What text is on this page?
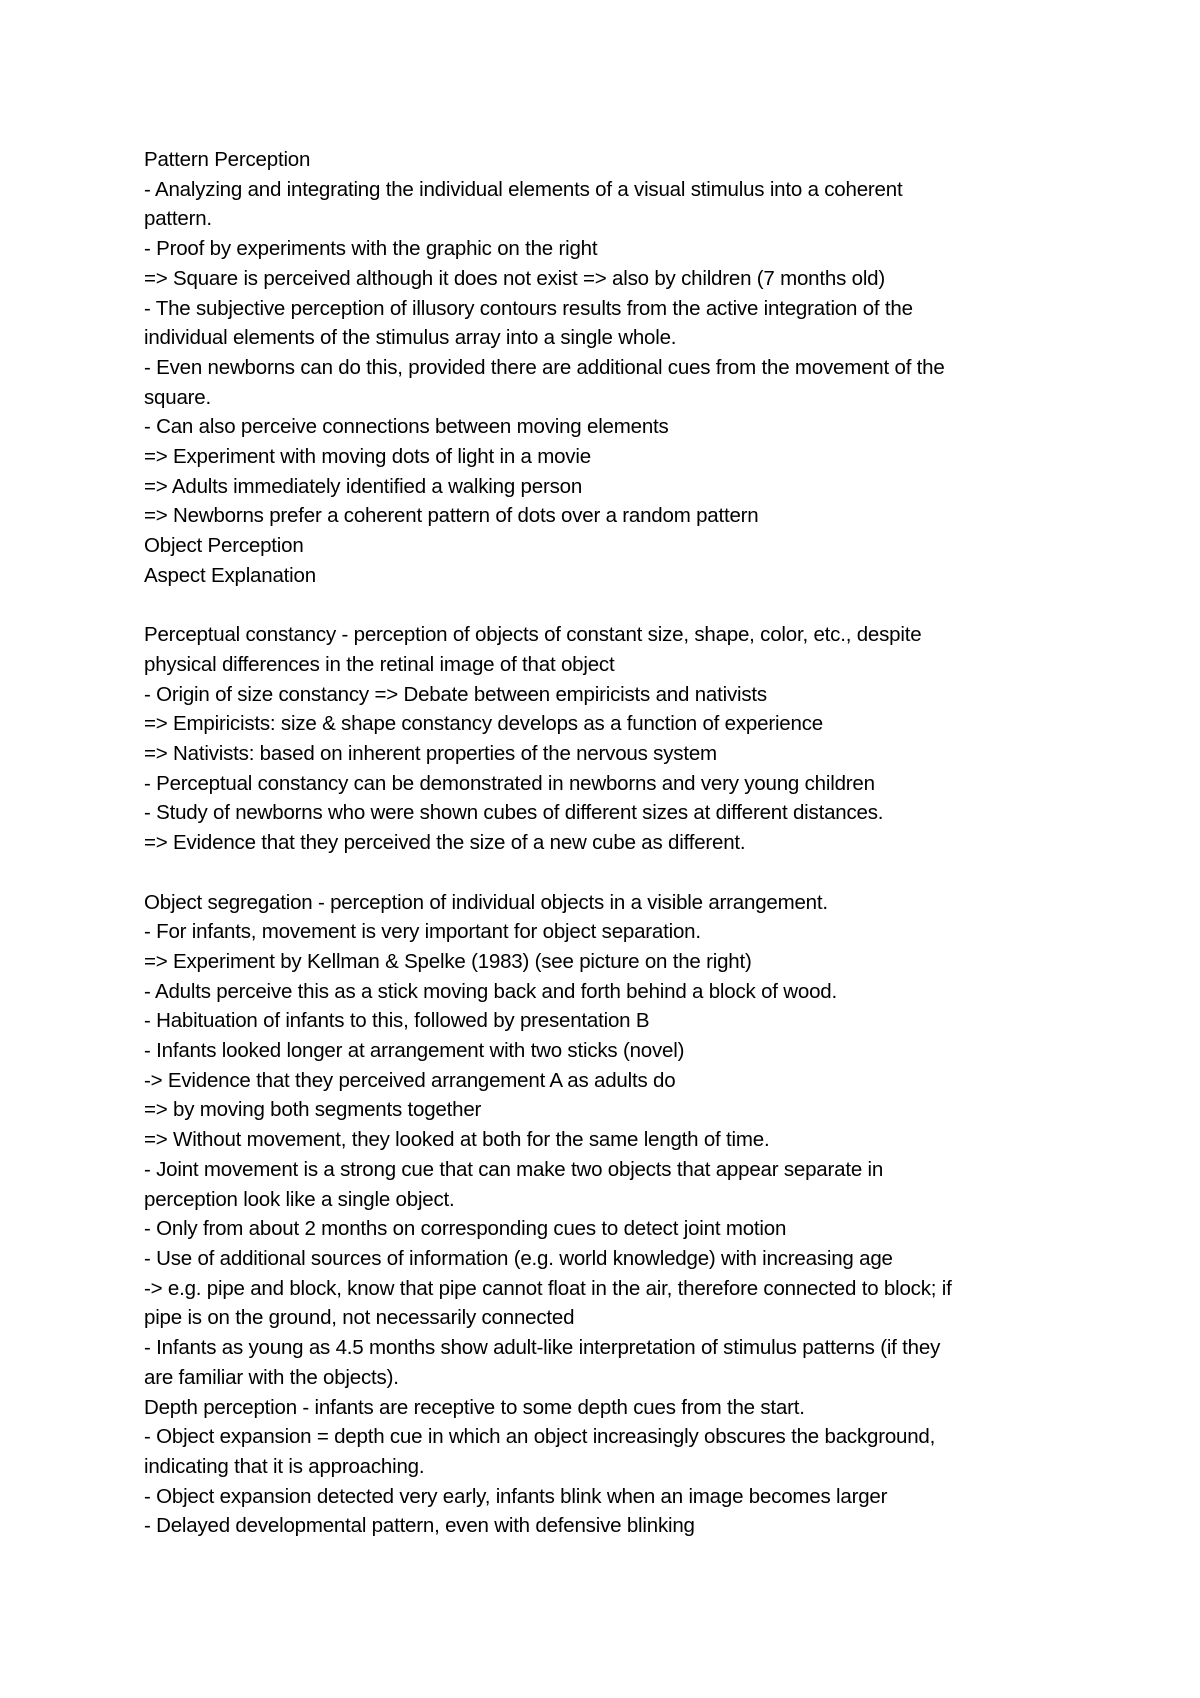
Pattern Perception
- Analyzing and integrating the individual elements of a visual stimulus into a coherent
pattern.
- Proof by experiments with the graphic on the right
=> Square is perceived although it does not exist => also by children (7 months old)
- The subjective perception of illusory contours results from the active integration of the
individual elements of the stimulus array into a single whole.
- Even newborns can do this, provided there are additional cues from the movement of the
square.
- Can also perceive connections between moving elements
=> Experiment with moving dots of light in a movie
=> Adults immediately identified a walking person
=> Newborns prefer a coherent pattern of dots over a random pattern
Object Perception
Aspect Explanation
Perceptual constancy - perception of objects of constant size, shape, color, etc., despite
physical differences in the retinal image of that object
- Origin of size constancy => Debate between empiricists and nativists
=> Empiricists: size & shape constancy develops as a function of experience
=> Nativists: based on inherent properties of the nervous system
- Perceptual constancy can be demonstrated in newborns and very young children
- Study of newborns who were shown cubes of different sizes at different distances.
=> Evidence that they perceived the size of a new cube as different.
Object segregation - perception of individual objects in a visible arrangement.
- For infants, movement is very important for object separation.
=> Experiment by Kellman & Spelke (1983) (see picture on the right)
- Adults perceive this as a stick moving back and forth behind a block of wood.
- Habituation of infants to this, followed by presentation B
- Infants looked longer at arrangement with two sticks (novel)
-> Evidence that they perceived arrangement A as adults do
=> by moving both segments together
=> Without movement, they looked at both for the same length of time.
- Joint movement is a strong cue that can make two objects that appear separate in
perception look like a single object.
- Only from about 2 months on corresponding cues to detect joint motion
- Use of additional sources of information (e.g. world knowledge) with increasing age
-> e.g. pipe and block, know that pipe cannot float in the air, therefore connected to block; if
pipe is on the ground, not necessarily connected
- Infants as young as 4.5 months show adult-like interpretation of stimulus patterns (if they
are familiar with the objects).
Depth perception - infants are receptive to some depth cues from the start.
- Object expansion = depth cue in which an object increasingly obscures the background,
indicating that it is approaching.
- Object expansion detected very early, infants blink when an image becomes larger
- Delayed developmental pattern, even with defensive blinking
